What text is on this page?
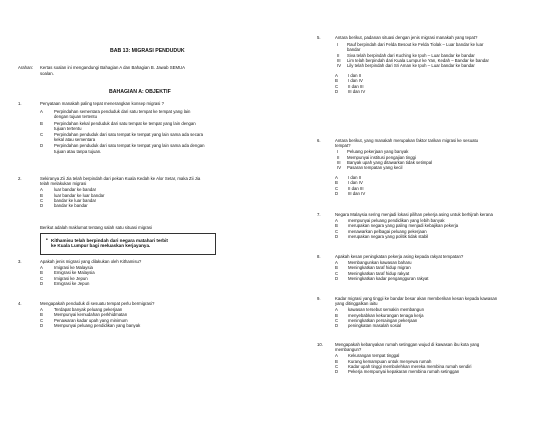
BAB 13: MIGRASI PENDUDUK
Arahan: Kertas soalan ini mengandungi Bahagian A dan Bahagian B. Jawab SEMUA
soalan.
BAHAGIAN A: OBJEKTIF
1.	Penyataan manakah paling tepat menerangkan konsep migrasi ?
A	Perpindahan sementara penduduk dari satu tempat ke tempat yang lain
dengan tujuan tertentu
B	Perpindahan kekal penduduk dari satu tempat ke tempat yang lain dengan
tujuan tertentu
C	Perpindahan penduduk dari satu tempat ke tempat yang lain sama ada secara
kekal atau sementara
D	Perpindahan penduduk dari satu tempat ke tempat yang lain sama ada dengan
tujuan atau tanpa tujuan.
2.	Sekiranya Zii Jia telah berpindah dari pekan Kuala Kedah ke Alor Setar, maka Zii Jia
telah melakukan migrasi
A	luar bandar ke bandar
B	luar bandar ke luar bandar
C	bandar ke luar bandar
D	bandar ke bandar
Berikut adalah maklumat tentang salah satu situasi migrasi
• Kithamisu telah berpindah dari negara matahari terbit
ke Kuala Lumpur bagi meluaskan kerjayanya.
3.	Apakah jenis migrasi yang dilakukan oleh Kithamisu?
A	Imigrasi ke Malaysia
B	Emigrasi ke Malaysia
C	Imigrasi ke Jepun
D	Emigrasi ke Jepun
4.	Mengapakah penduduk di sesuatu tempat perlu bermigrasi?
A	Terdapat banyak peluang pekerjaan
B	Mempunyai kemudahan perkhidmatan
C	Penawaran kadar upah yang minimum
D	Mempunyai peluang pendidikan yang banyak
5.	Antara berikut, padanan situasi dengan jenis migrasi manakah yang tepat?
I Rauf berpindah dari Felda Besout ke Felda Tiolak – Luar bandar ke luar
bandar
II Siva telah berpindah dari Kuching ke Ipoh – Luar bandar ke bandar
III Lim telah berpindah dari Kuala Lumpur ke Yan, Kedah – Bandar ke bandar
IV Lily telah berpindah dari Sri Aman ke Ipoh – Luar bandar ke bandar
A I dan II
B I dan IV
C II dan III
D III dan IV
6.	Antara berikut, yang manakah merupakan faktor tarikan migrasi ke sesuatu
tempat?
I Peluang pekerjaan yang banyak
II Mempunyai institusi pengajian tinggi
III Banyak upah yang ditawarkan tidak setimpal
IV Pasaran tempatan yang kecil
A I dan II
B I dan IV
C II dan III
D III dan IV
7.	Negara Malaysia sering menjadi lokasi pilihan pekerja asing untuk berhijrah kerana
A mempunyai peluang pendidikan yang lebih banyak
B merupakan negara yang paling menjadi kebajikan pekerja
C menawarkan pelbagai peluang pekerjaan
D merupakan negara yang politik tidak stabil
8.	Apakah kesan peningkatan pekerja asing kepada rakyat tempatan?
A Membangunkan kawasan baharu
B Meningkatkan taraf hidup migran
C Meningkatkan taraf hidup rakyat
D Meningkatkan kadar pengangguran rakyat
9.	Kadar migrasi yang tinggi ke bandar besar akan memberikan kesan kepada kawasan
yang ditinggalkan iaitu
A kawasan tersebut semakin membangun
B menyebabkan kekurangan tenaga kerja
C meningkatkan persaingan pekerjaan
D peningkatan masalah sosial
10.	Mengapakah kebanyakan rumah setinggan wujud di kawasan ibu kota yang
membangun?
A Kekurangan tempat tinggal
B Kurang kemampuan untuk menyewa rumah
C Kadar upah tinggi membolehkan mereka membina rumah sendiri
D Pekerja mempunyai kepakaran membina rumah setinggan
